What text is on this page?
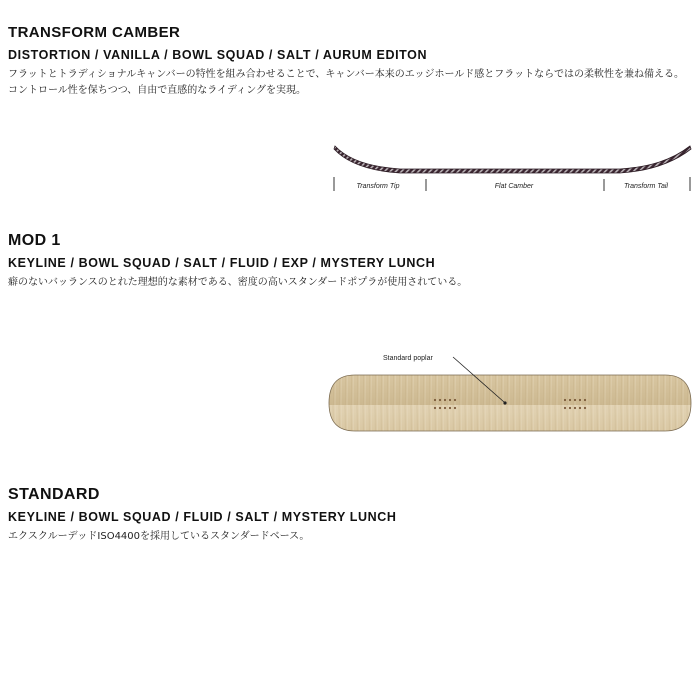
TRANSFORM CAMBER

DISTORTION / VANILLA / BOWL SQUAD / SALT / AURUM EDITON

フラットとトラディショナルキャンバーの特性を組み合わせることで、キャンバー本来のエッジホールド感とフラットならではの柔軟性を兼ね備える。コントロール性を保ちつつ、自由で直感的なライディングを実現。

Transform Tip	Flat Camber	Transform Tail
MOD 1

KEYLINE / BOWL SQUAD / SALT / FLUID / EXP / MYSTERY LUNCH

癖のないバッランスのとれた理想的な素材である、密度の高いスタンダードポプラが使用されている。

Standard poplar
STANDARD

KEYLINE / BOWL SQUAD / FLUID / SALT / MYSTERY LUNCH

エクスクルーデッドISO4400を採用しているスタンダードベース。
